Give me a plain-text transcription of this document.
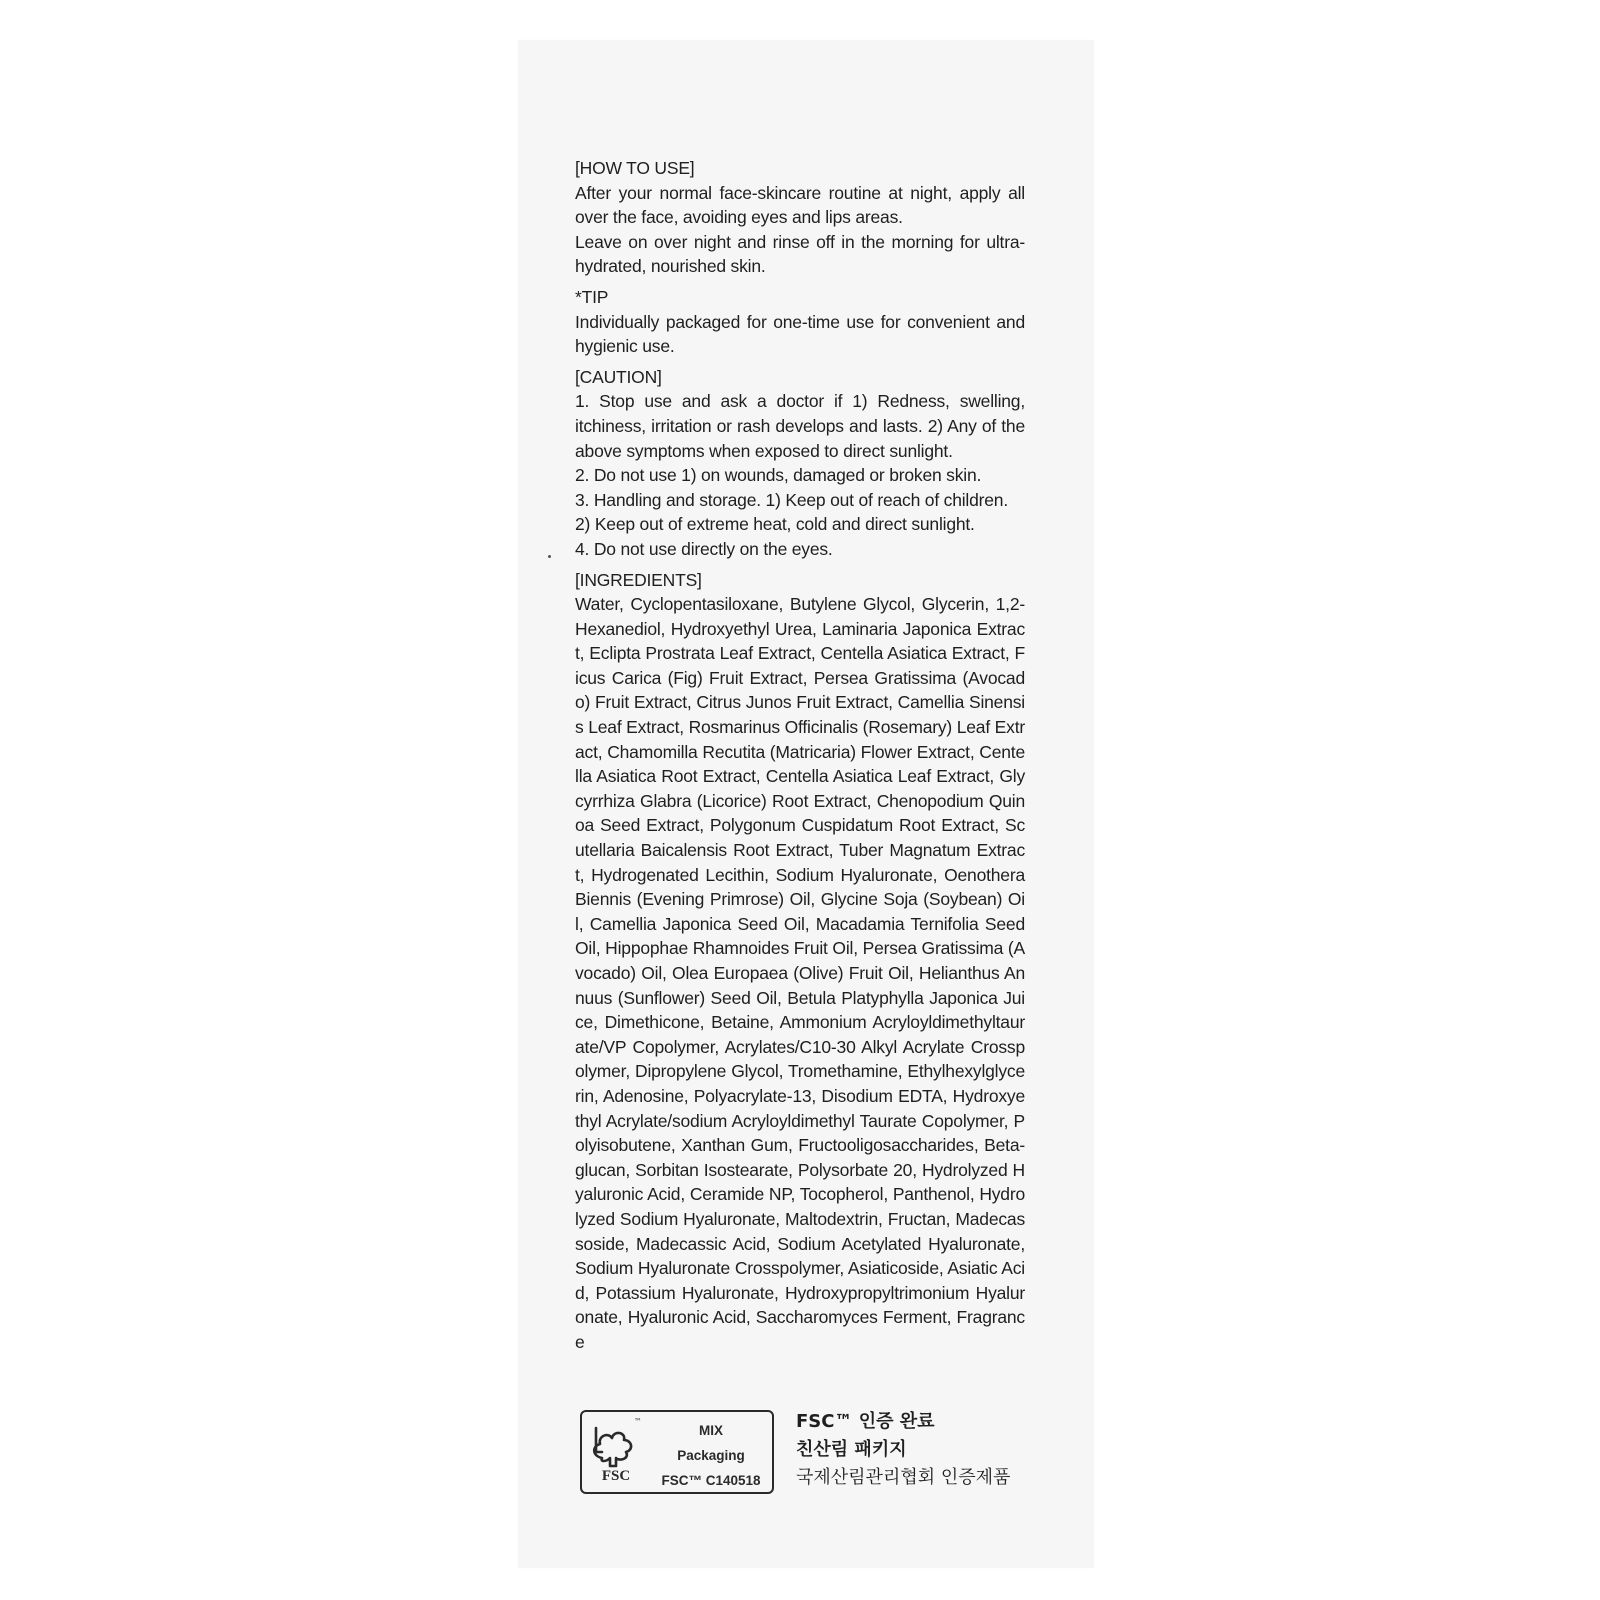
[HOW TO USE]

After your normal face-skincare routine at night, apply all over the face, avoiding eyes and lips areas.

Leave on over night and rinse off in the morning for ultra- hydrated, nourished skin.

*TIP

Individually packaged for one-time use for convenient and hygienic use.

[CAUTION]

1. Stop use and ask a doctor if 1) Redness, swelling, itchiness, irritation or rash develops and lasts. 2) Any of the above symptoms when exposed to direct sunlight.

2. Do not use 1) on wounds, damaged or broken skin.

3. Handling and storage. 1) Keep out of reach of children.

2) Keep out of extreme heat, cold and direct sunlight.

4. Do not use directly on the eyes.

[INGREDIENTS]

Water, Cyclopentasiloxane, Butylene Glycol, Glycerin, 1,2-Hexanediol, Hydroxyethyl Urea, Laminaria Japonica Extract, Eclipta Prostrata Leaf Extract, Centella Asiatica Extract, Ficus Carica (Fig) Fruit Extract, Persea Gratissima (Avocado) Fruit Extract, Citrus Junos Fruit Extract, Camellia Sinensis Leaf Extract, Rosmarinus Officinalis (Rosemary) Leaf Extract, Chamomilla Recutita (Matricaria) Flower Extract, Centella Asiatica Root Extract, Centella Asiatica Leaf Extract, Glycyrrhiza Glabra (Licorice) Root Extract, Chenopodium Quinoa Seed Extract, Polygonum Cuspidatum Root Extract, Scutellaria Baicalensis Root Extract, Tuber Magnatum Extract, Hydrogenated Lecithin, Sodium Hyaluronate, Oenothera Biennis (Evening Primrose) Oil, Glycine Soja (Soybean) Oil, Camellia Japonica Seed Oil, Macadamia Ternifolia Seed Oil, Hippophae Rhamnoides Fruit Oil, Persea Gratissima (Avocado) Oil, Olea Europaea (Olive) Fruit Oil, Helianthus Annuus (Sunflower) Seed Oil, Betula Platyphylla Japonica Juice, Dimethicone, Betaine, Ammonium Acryloyldimethyltaurate/VP Copolymer, Acrylates/C10-30 Alkyl Acrylate Crosspolymer, Dipropylene Glycol, Tromethamine, Ethylhexylglycerin, Adenosine, Polyacrylate-13, Disodium EDTA, Hydroxyethyl Acrylate/sodium Acryloyldimethyl Taurate Copolymer, Polyisobutene, Xanthan Gum, Fructooligosaccharides, Beta-glucan, Sorbitan Isostearate, Polysorbate 20, Hydrolyzed Hyaluronic Acid, Ceramide NP, Tocopherol, Panthenol, Hydrolyzed Sodium Hyaluronate, Maltodextrin, Fructan, Madecassoside, Madecassic Acid, Sodium Acetylated Hyaluronate, Sodium Hyaluronate Crosspolymer, Asiaticoside, Asiatic Acid, Potassium Hyaluronate, Hydroxypropyltrimonium Hyaluronate, Hyaluronic Acid, Saccharomyces Ferment, Fragrance

™
FSC
MIX
Packaging
FSC™ C140518
FSC™ 인증 완료
친산림 패키지
국제산림관리협회 인증제품
